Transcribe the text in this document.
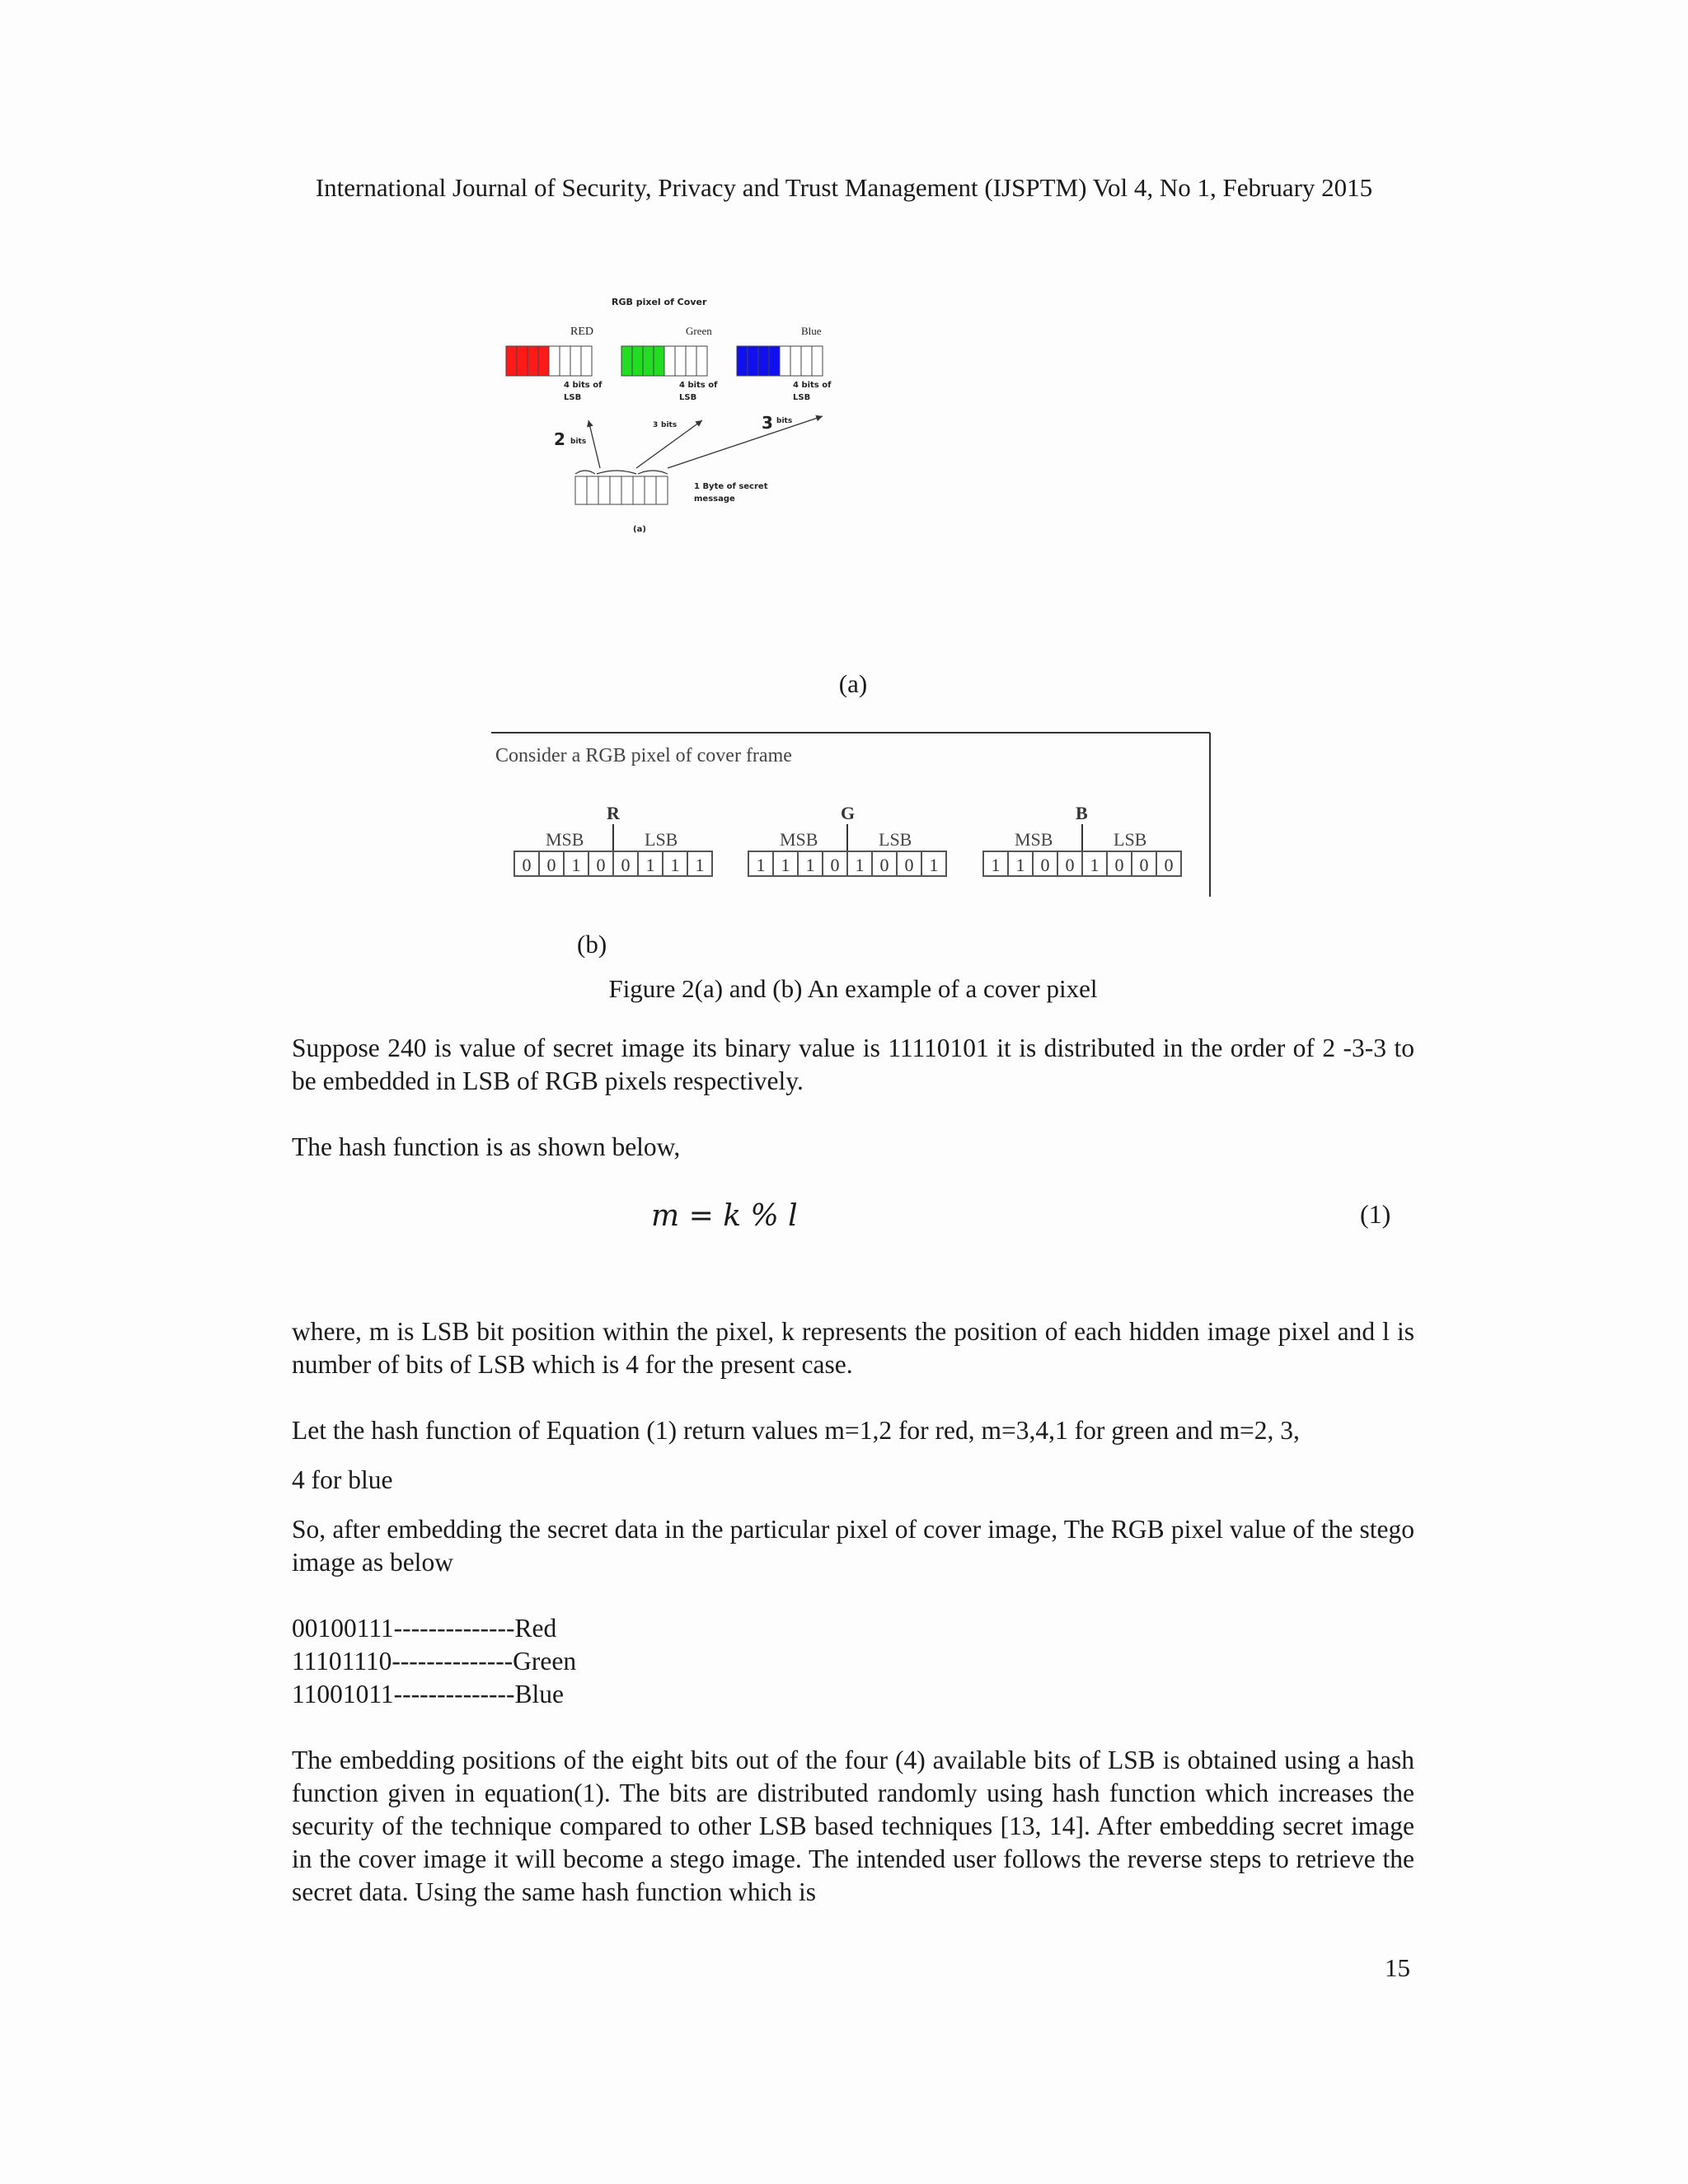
International Journal of Security, Privacy and Trust Management (IJSPTM) Vol 4, No 1, February 2015
RGB pixel of Cover
RED	Green	Blue
4 bits of
LSB
4 bits of
LSB
4 bits of
LSB
2 bits
3 bits	3 bits
1 Byte of secret
message
(a)
(a)
Consider a RGB pixel of cover frame
R
MSB	LSB
0 0 1 0 0 1 1 1
G
MSB	LSB
1 1 1 0 1 0 0 1
B
MSB	LSB
1 1 0 0 1 0 0 0
(b)
Figure 2(a) and (b) An example of a cover pixel

Suppose 240 is value of secret image its binary value is 11110101 it is distributed in the order of 2 -3-3 to be embedded in LSB of RGB pixels respectively.

The hash function is as shown below,

m = k % l	(1)

where, m is LSB bit position within the pixel, k represents the position of each hidden image pixel and l is number of bits of LSB which is 4 for the present case.

Let the hash function of Equation (1) return values m=1,2 for red, m=3,4,1 for green and m=2, 3,

4 for blue

So, after embedding the secret data in the particular pixel of cover image, The RGB pixel value of the stego image as below

00100111--------------Red
11101110--------------Green
11001011--------------Blue

The embedding positions of the eight bits out of the four (4) available bits of LSB is obtained using a hash function given in equation(1). The bits are distributed randomly using hash function which increases the security of the technique compared to other LSB based techniques [13, 14]. After embedding secret image in the cover image it will become a stego image. The intended user follows the reverse steps to retrieve the secret data. Using the same hash function which is

15
